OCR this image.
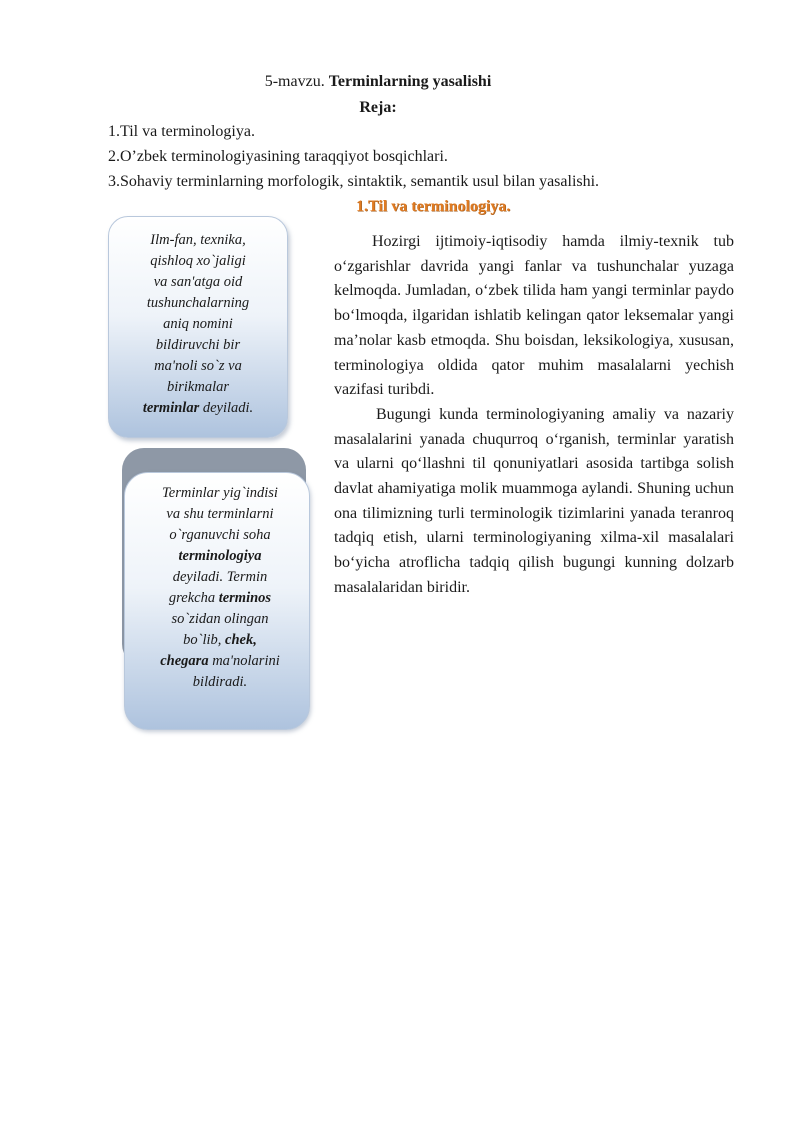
5-mavzu. Terminlarning yasalishi
Reja:
1.Til va terminologiya.
2.O’zbek terminologiyasining taraqqiyot bosqichlari.
3.Sohaviy terminlarning morfologik, sintaktik, semantik usul bilan yasalishi.
1.Til va terminologiya.
Ilm-fan, texnika,
qishloq xo`jaligi
va san'atga oid
tushunchalarning
aniq nomini
bildiruvchi bir
ma'noli so`z va
birikmalar
terminlar deyiladi.
Terminlar yig`indisi
va shu terminlarni
o`rganuvchi soha
terminologiya
deyiladi. Termin
grekcha terminos
so`zidan olingan
bo`lib, chek,
chegara ma'nolarini
bildiradi.

Hozirgi ijtimoiy-iqtisodiy hamda ilmiy-texnik tub o‘zgarishlar davrida yangi fanlar va tushunchalar yuzaga kelmoqda. Jumladan, o‘zbek tilida ham yangi terminlar paydo bo‘lmoqda, ilgaridan ishlatib kelingan qator leksemalar yangi ma’nolar kasb etmoqda. Shu boisdan, leksikologiya, xususan, terminologiya oldida qator muhim masalalarni yechish vazifasi turibdi.

Bugungi kunda terminologiyaning amaliy va nazariy masalalarini yanada chuqurroq o‘rganish, terminlar yaratish va ularni qo‘llashni til qonuniyatlari asosida tartibga solish davlat ahamiyatiga molik muammoga aylandi. Shuning uchun ona tilimizning turli terminologik tizimlarini yanada teranroq tadqiq etish, ularni terminologiyaning xilma-xil masalalari bo‘yicha atroflicha tadqiq qilish bugungi kunning dolzarb masalalaridan biridir.
